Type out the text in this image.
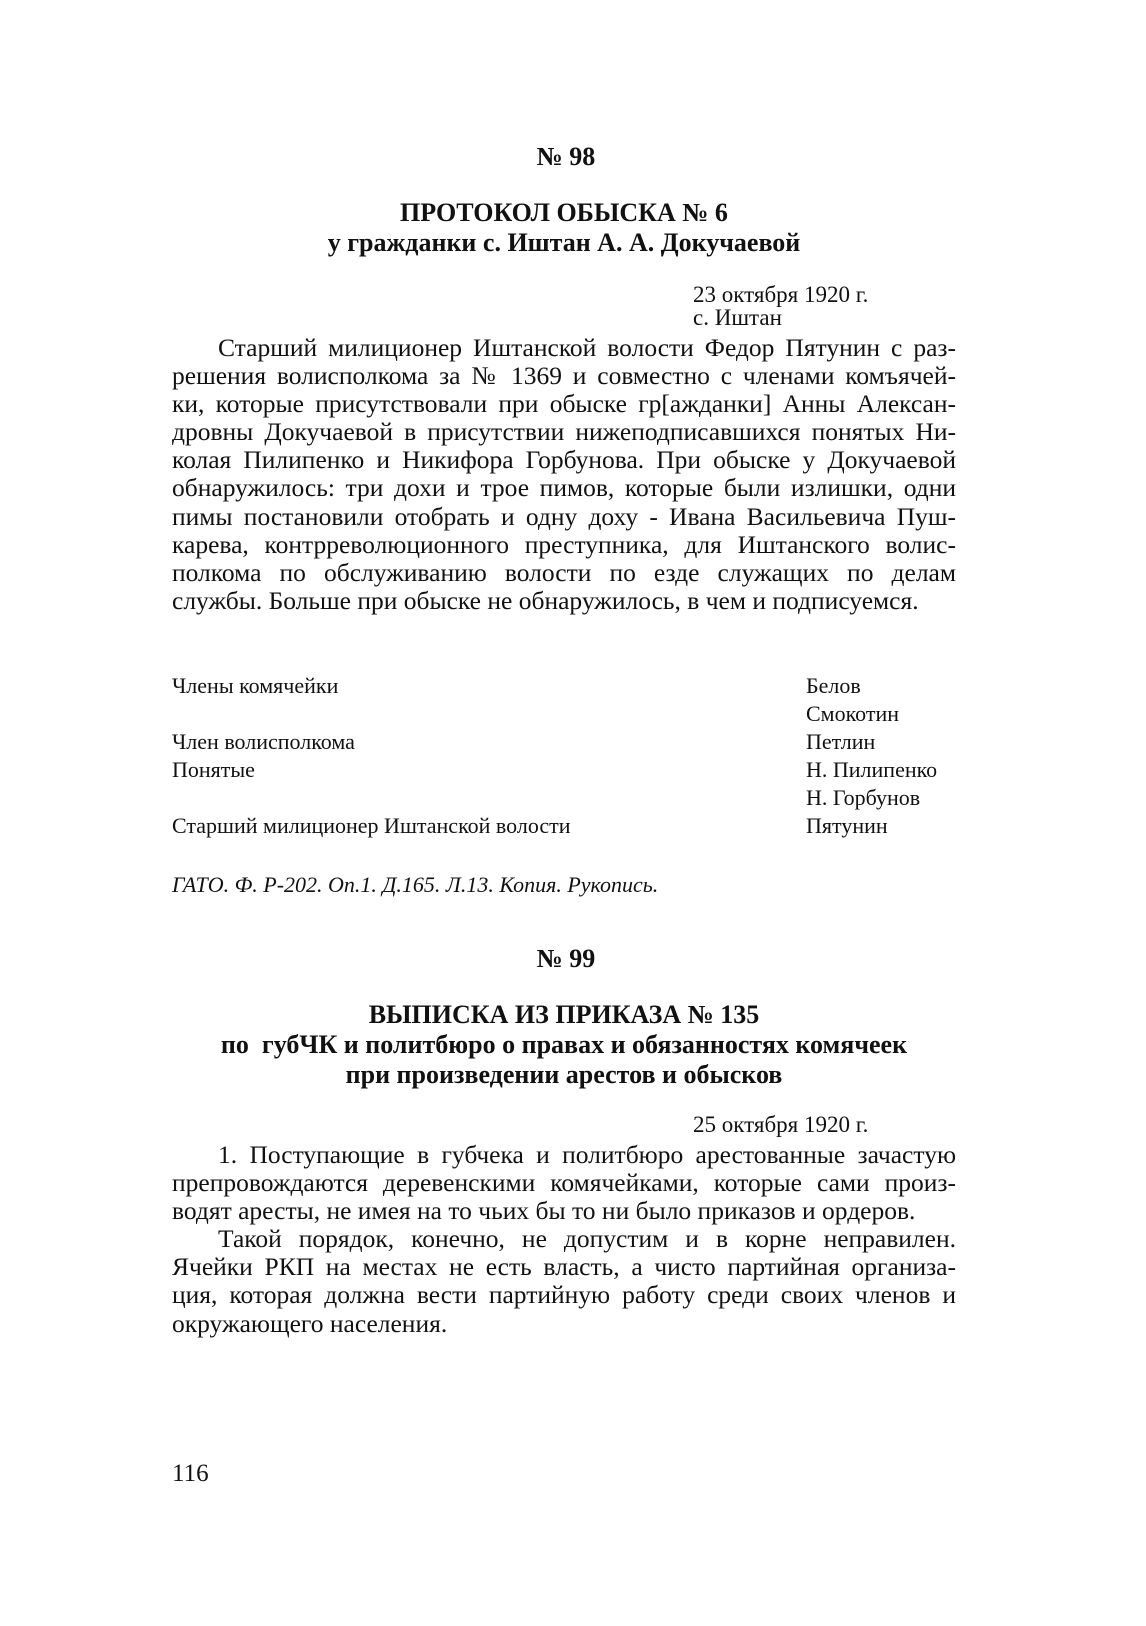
№ 98
ПРОТОКОЛ ОБЫСКА № 6
у гражданки с. Иштан А. А. Докучаевой
23 октября 1920 г.
с. Иштан
Старший милиционер Иштанской волости Федор Пятунин с раз-
решения волисполкома за № 1369 и совместно с членами комъячей-
ки, которые присутствовали при обыске гр[ажданки] Анны Алексан-
дровны Докучаевой в присутствии нижеподписавшихся понятых Ни-
колая Пилипенко и Никифора Горбунова. При обыске у Докучаевой
обнаружилось: три дохи и трое пимов, которые были излишки, одни
пимы постановили отобрать и одну доху - Ивана Васильевича Пуш-
карева, контрреволюционного преступника, для Иштанского волис-
полкома по обслуживанию волости по езде служащих по делам
службы. Больше при обыске не обнаружилось, в чем и подписуемся.
Члены комячейки	Белов
Смокотин
Член волисполкома	Петлин
Понятые	Н. Пилипенко
Н. Горбунов
Старший милиционер Иштанской волости	Пятунин
ГАТО. Ф. Р-202. Оп.1. Д.165. Л.13. Копия. Рукопись.
№ 99
ВЫПИСКА ИЗ ПРИКАЗА № 135
по  губЧК и политбюро о правах и обязанностях комячеек
при произведении арестов и обысков
25 октября 1920 г.
1. Поступающие в губчека и политбюро арестованные зачастую
препровождаются деревенскими комячейками, которые сами произ-
водят аресты, не имея на то чьих бы то ни было приказов и ордеров.
Такой порядок, конечно, не допустим и в корне неправилен.
Ячейки РКП на местах не есть власть, а чисто партийная организа-
ция, которая должна вести партийную работу среди своих членов и
окружающего населения.
116
